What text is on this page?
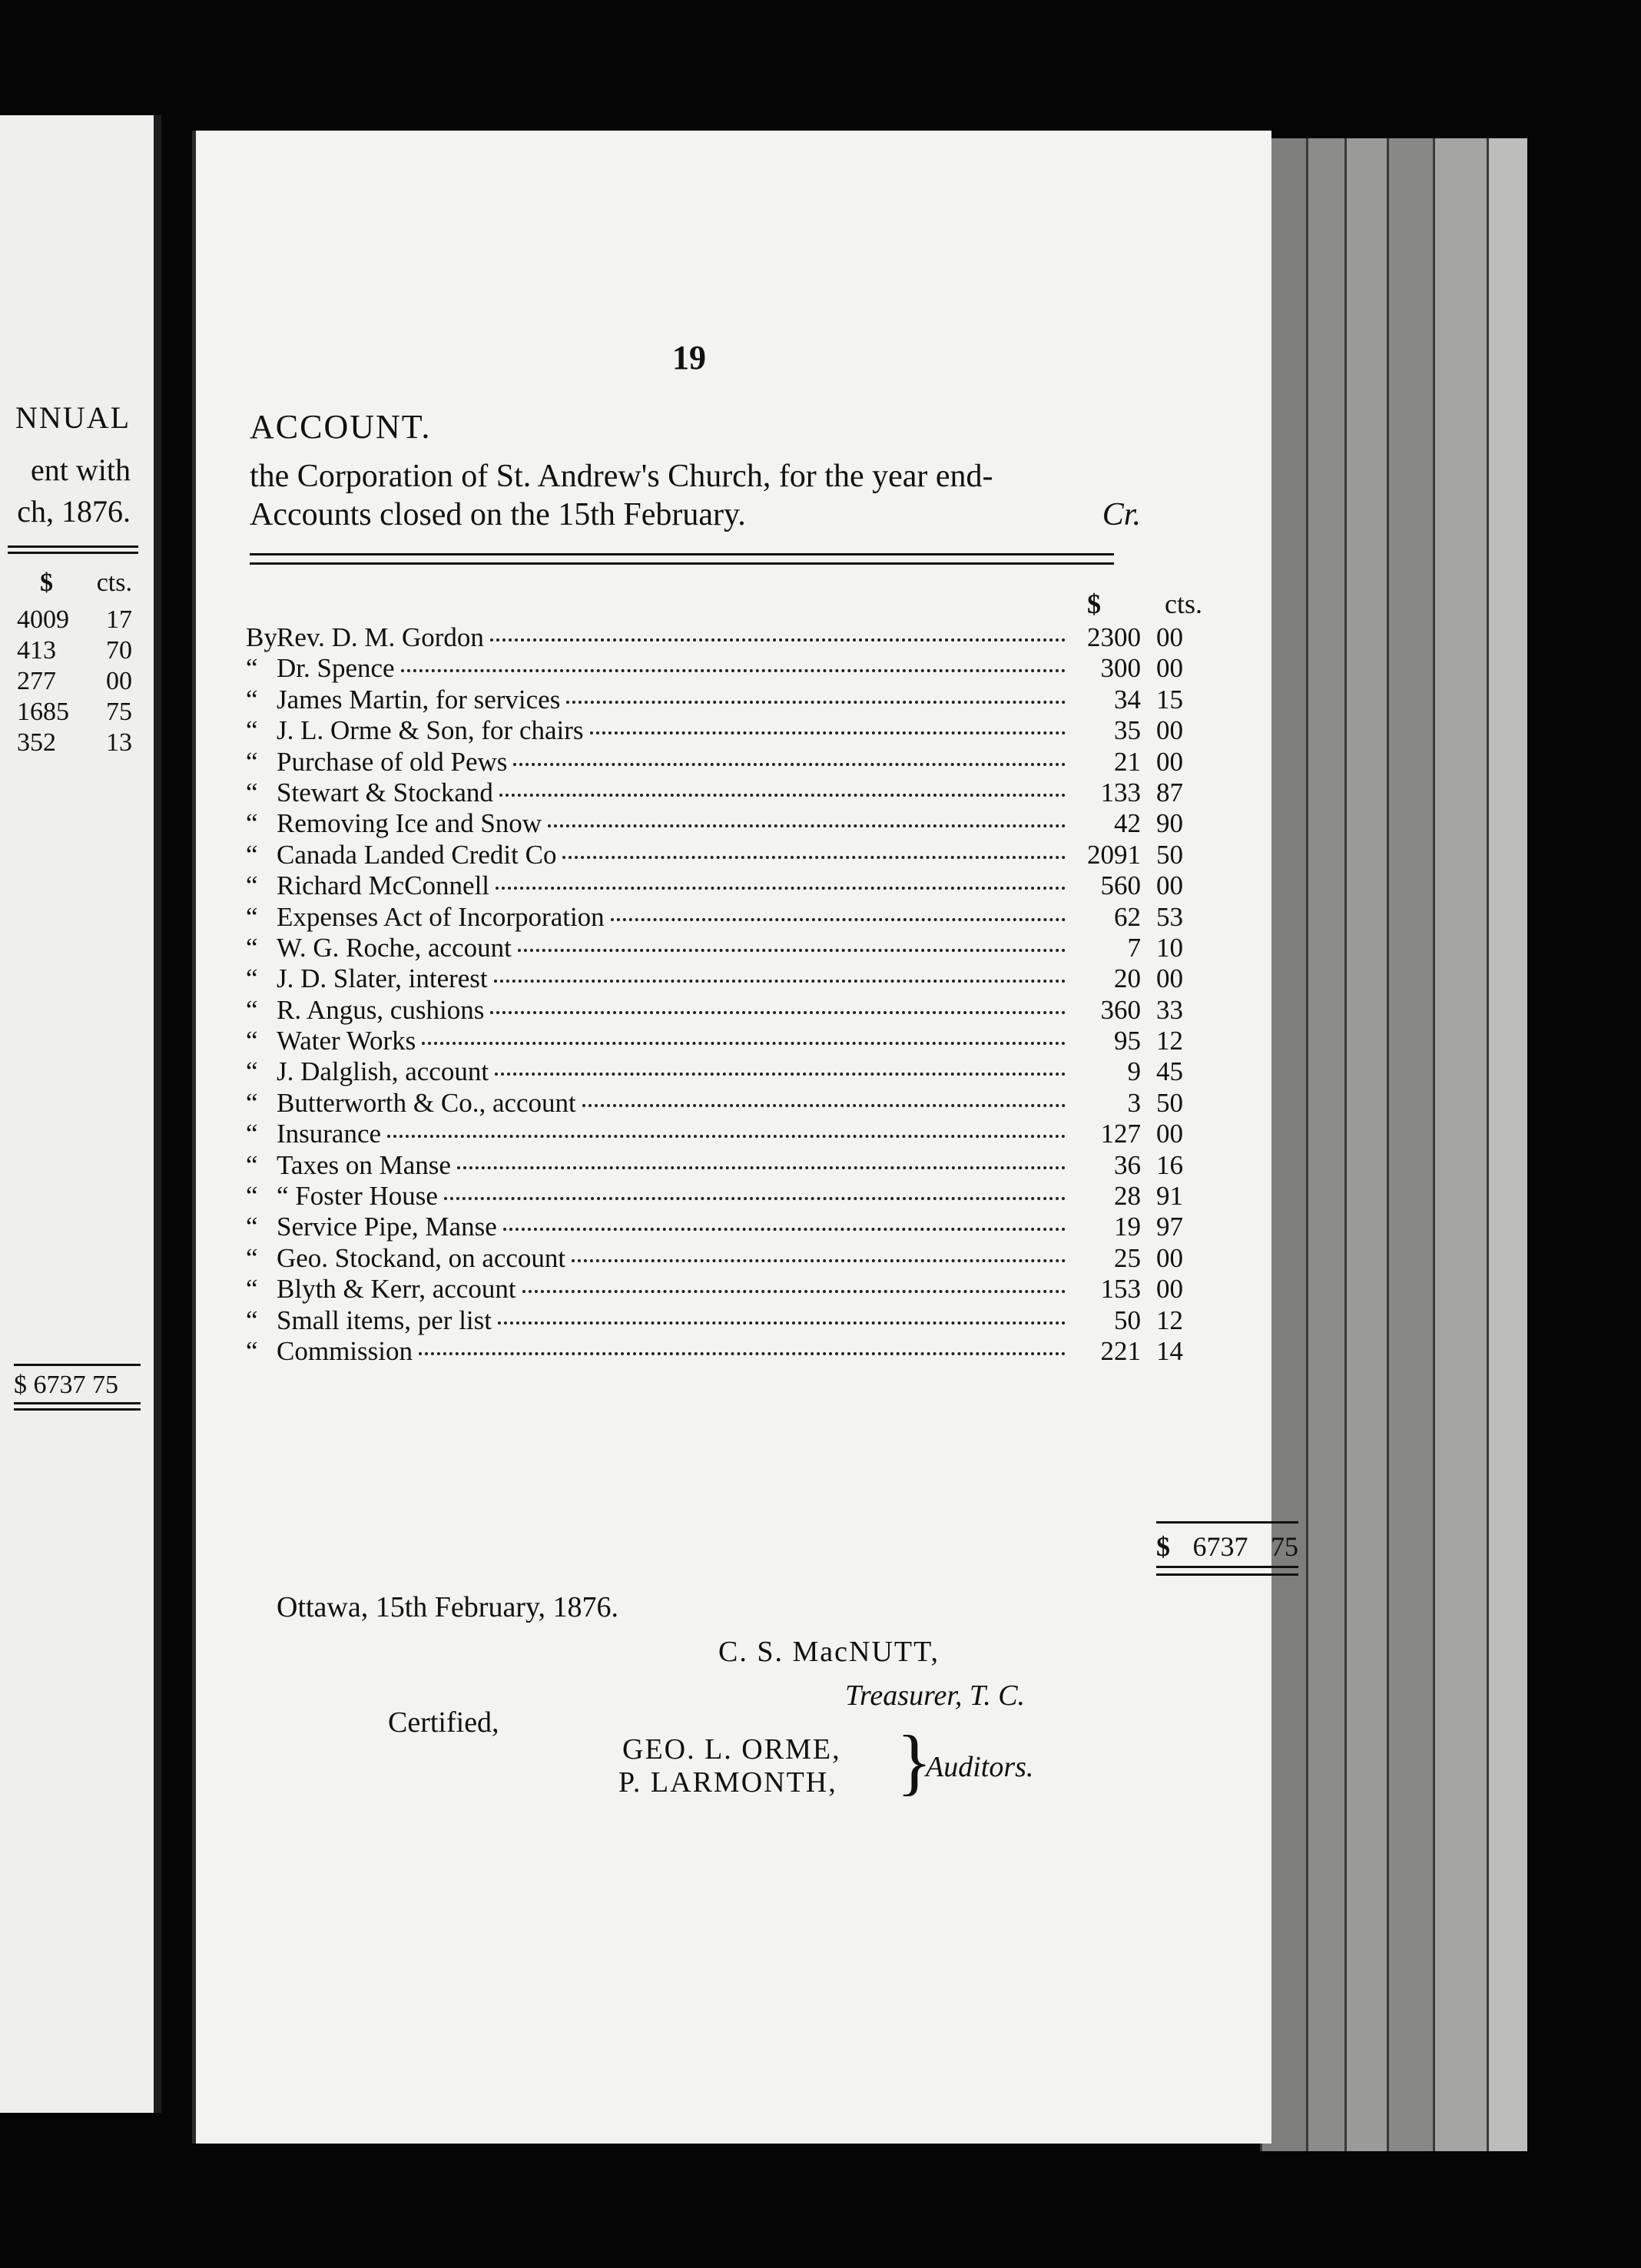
NNUAL
ent with
ch, 1876.
$ cts.
4009 17
413 70
277 00
1685 75
352 13
$ 6737 75
19
ACCOUNT.
the Corporation of St. Andrew's Church, for the year end-
Accounts closed on the 15th February.	Cr.
$ cts.
By Rev. D. M. Gordon	2300 00
“ Dr. Spence	300 00
“ James Martin, for services	34 15
“ J. L. Orme & Son, for chairs	35 00
“ Purchase of old Pews	21 00
“ Stewart & Stockand	133 87
“ Removing Ice and Snow	42 90
“ Canada Landed Credit Co	2091 50
“ Richard McConnell	560 00
“ Expenses Act of Incorporation	62 53
“ W. G. Roche, account	7 10
“ J. D. Slater, interest	20 00
“ R. Angus, cushions	360 33
“ Water Works	95 12
“ J. Dalglish, account	9 45
“ Butterworth & Co., account	3 50
“ Insurance	127 00
“ Taxes on Manse	36 16
“ “ Foster House	28 91
“ Service Pipe, Manse	19 97
“ Geo. Stockand, on account	25 00
“ Blyth & Kerr, account	153 00
“ Small items, per list	50 12
“ Commission	221 14
$ 6737 75
Ottawa, 15th February, 1876.
C. S. MacNUTT,
Treasurer, T. C.
Certified,
GEO. L. ORME,
P. LARMONTH, }
Auditors.
